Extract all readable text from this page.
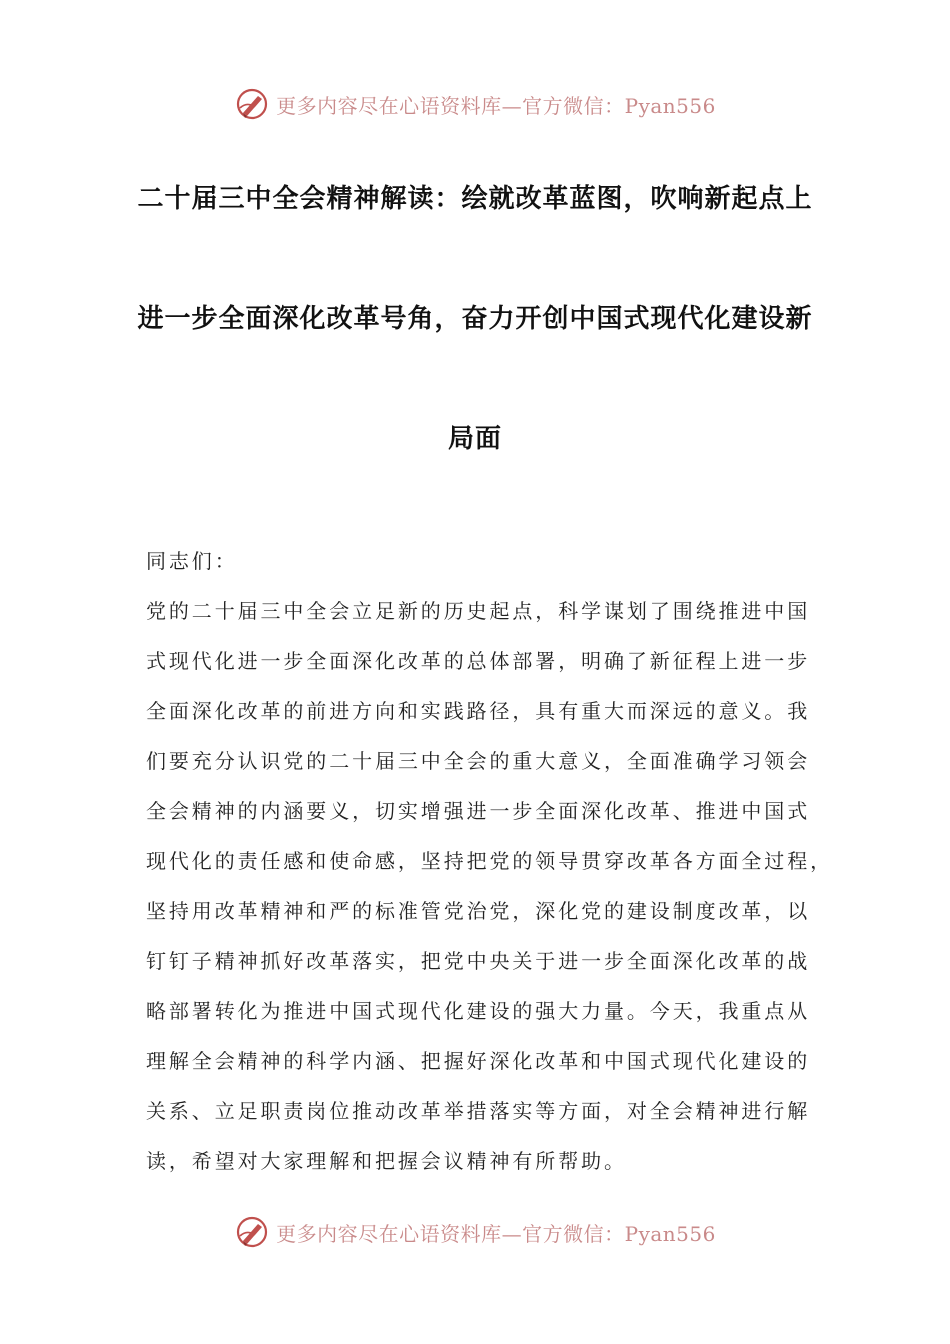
更多内容尽在心语资料库—官方微信：Pyan556
二十届三中全会精神解读：绘就改革蓝图，吹响新起点上
进一步全面深化改革号角，奋力开创中国式现代化建设新
局面
同志们：
党的二十届三中全会立足新的历史起点，科学谋划了围绕推进中国
式现代化进一步全面深化改革的总体部署，明确了新征程上进一步
全面深化改革的前进方向和实践路径，具有重大而深远的意义。我
们要充分认识党的二十届三中全会的重大意义，全面准确学习领会
全会精神的内涵要义，切实增强进一步全面深化改革、推进中国式
现代化的责任感和使命感，坚持把党的领导贯穿改革各方面全过程，
坚持用改革精神和严的标准管党治党，深化党的建设制度改革，以
钉钉子精神抓好改革落实，把党中央关于进一步全面深化改革的战
略部署转化为推进中国式现代化建设的强大力量。今天，我重点从
理解全会精神的科学内涵、把握好深化改革和中国式现代化建设的
关系、立足职责岗位推动改革举措落实等方面，对全会精神进行解
读，希望对大家理解和把握会议精神有所帮助。
更多内容尽在心语资料库—官方微信：Pyan556
